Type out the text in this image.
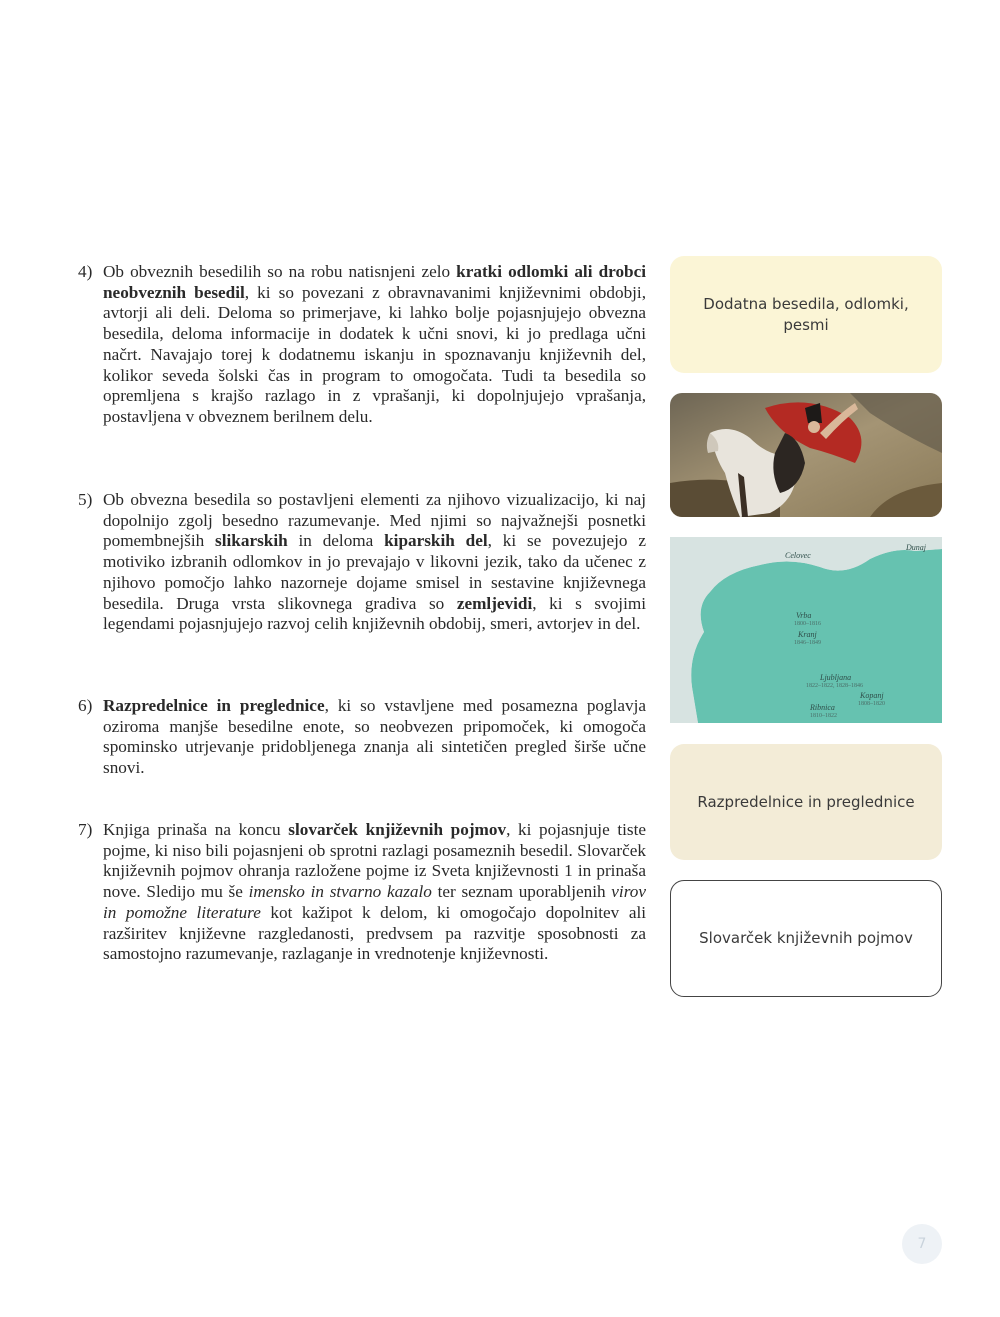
4) Ob obveznih besedilih so na robu natisnjeni zelo kratki odlomki ali drobci neobveznih besedil, ki so povezani z obravnavanimi književnimi obdobji, avtorji ali deli. Deloma so primerjave, ki lahko bolje pojasnjujejo obvezna besedila, deloma informacije in dodatek k učni snovi, ki jo predlaga učni načrt. Navajajo torej k dodatnemu iskanju in spoznavanju književnih del, kolikor seveda šolski čas in program to omogočata. Tudi ta besedila so opremljena s krajšo razlago in z vprašanji, ki dopolnjujejo vprašanja, postavljena v obveznem berilnem delu.
5) Ob obvezna besedila so postavljeni elementi za njihovo vizualizacijo, ki naj dopolnijo zgolj besedno razumevanje. Med njimi so najvažnejši posnetki pomembnejših slikarskih in deloma kiparskih del, ki se povezujejo z motiviko izbranih odlomkov in jo prevajajo v likovni jezik, tako da učenec z njihovo pomočjo lahko nazorneje dojame smisel in sestavine književnega besedila. Druga vrsta slikovnega gradiva so zemljevidi, ki s svojimi legendami pojasnjujejo razvoj celih književnih obdobij, smeri, avtorjev in del.
6) Razpredelnice in preglednice, ki so vstavljene med posamezna poglavja oziroma manjše besedilne enote, so neobvezen pripomoček, ki omogoča spominsko utrjevanje pridobljenega znanja ali sintetičen pregled širše učne snovi.
7) Knjiga prinaša na koncu slovarček književnih pojmov, ki pojasnjuje tiste pojme, ki niso bili pojasnjeni ob sprotni razlagi posameznih besedil. Slovarček književnih pojmov ohranja razložene pojme iz Sveta književnosti 1 in prinaša nove. Sledijo mu še imensko in stvarno kazalo ter seznam uporabljenih virov in pomožne literature kot kažipot k delom, ki omogočajo dopolnitev ali razširitev književne razgledanosti, predvsem pa razvitje sposobnosti za samostojno razumevanje, razlaganje in vrednotenje književnosti.
Dodatna besedila, odlomki, pesmi
Celovec
Dunaj
Vrba
1800–1816
Kranj
1846–1849
Ljubljana
1822–1822, 1828–1846
Kopanj
1808–1820
Ribnica
1810–1822
Razpredelnice in preglednice
Slovarček književnih pojmov
7
